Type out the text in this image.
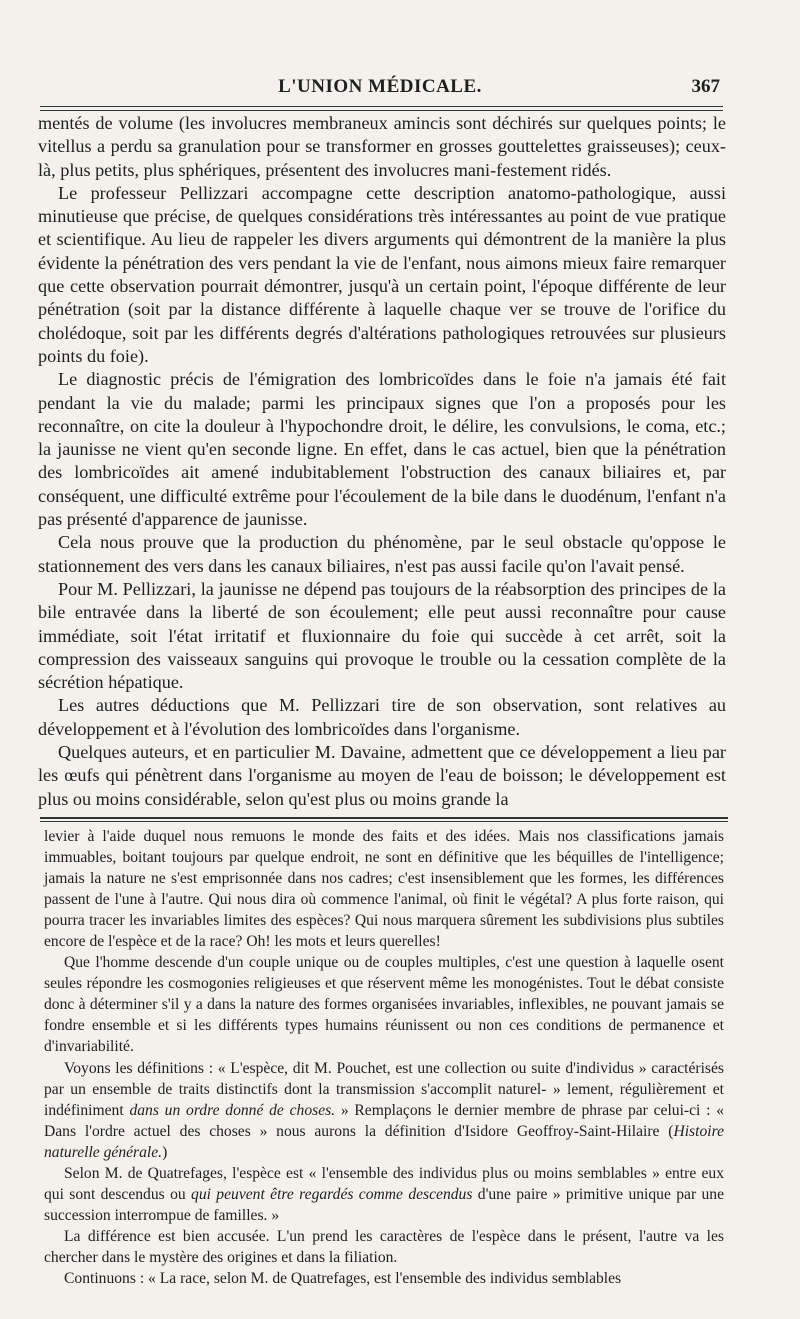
L'UNION MÉDICALE.	367

mentés de volume (les involucres membraneux amincis sont déchirés sur quelques points; le vitellus a perdu sa granulation pour se transformer en grosses gouttelettes graisseuses); ceux-là, plus petits, plus sphériques, présentent des involucres mani-festement ridés.

Le professeur Pellizzari accompagne cette description anatomo-pathologique, aussi minutieuse que précise, de quelques considérations très intéressantes au point de vue pratique et scientifique. Au lieu de rappeler les divers arguments qui démontrent de la manière la plus évidente la pénétration des vers pendant la vie de l'enfant, nous aimons mieux faire remarquer que cette observation pourrait démontrer, jusqu'à un certain point, l'époque différente de leur pénétration (soit par la distance différente à laquelle chaque ver se trouve de l'orifice du cholédoque, soit par les différents degrés d'altérations pathologiques retrouvées sur plusieurs points du foie).

Le diagnostic précis de l'émigration des lombricoïdes dans le foie n'a jamais été fait pendant la vie du malade; parmi les principaux signes que l'on a proposés pour les reconnaître, on cite la douleur à l'hypochondre droit, le délire, les convulsions, le coma, etc.; la jaunisse ne vient qu'en seconde ligne. En effet, dans le cas actuel, bien que la pénétration des lombricoïdes ait amené indubitablement l'obstruction des canaux biliaires et, par conséquent, une difficulté extrême pour l'écoulement de la bile dans le duodénum, l'enfant n'a pas présenté d'apparence de jaunisse.

Cela nous prouve que la production du phénomène, par le seul obstacle qu'oppose le stationnement des vers dans les canaux biliaires, n'est pas aussi facile qu'on l'avait pensé.

Pour M. Pellizzari, la jaunisse ne dépend pas toujours de la réabsorption des principes de la bile entravée dans la liberté de son écoulement; elle peut aussi reconnaître pour cause immédiate, soit l'état irritatif et fluxionnaire du foie qui succède à cet arrêt, soit la compression des vaisseaux sanguins qui provoque le trouble ou la cessation complète de la sécrétion hépatique.

Les autres déductions que M. Pellizzari tire de son observation, sont relatives au développement et à l'évolution des lombricoïdes dans l'organisme.

Quelques auteurs, et en particulier M. Davaine, admettent que ce développement a lieu par les œufs qui pénètrent dans l'organisme au moyen de l'eau de boisson; le développement est plus ou moins considérable, selon qu'est plus ou moins grande la

levier à l'aide duquel nous remuons le monde des faits et des idées. Mais nos classifications jamais immuables, boitant toujours par quelque endroit, ne sont en définitive que les béquilles de l'intelligence; jamais la nature ne s'est emprisonnée dans nos cadres; c'est insensiblement que les formes, les différences passent de l'une à l'autre. Qui nous dira où commence l'animal, où finit le végétal? A plus forte raison, qui pourra tracer les invariables limites des espèces? Qui nous marquera sûrement les subdivisions plus subtiles encore de l'espèce et de la race? Oh! les mots et leurs querelles!

Que l'homme descende d'un couple unique ou de couples multiples, c'est une question à laquelle osent seules répondre les cosmogonies religieuses et que réservent même les monogénistes. Tout le débat consiste donc à déterminer s'il y a dans la nature des formes organisées invariables, inflexibles, ne pouvant jamais se fondre ensemble et si les différents types humains réunissent ou non ces conditions de permanence et d'invariabilité.

Voyons les définitions : « L'espèce, dit M. Pouchet, est une collection ou suite d'individus » caractérisés par un ensemble de traits distinctifs dont la transmission s'accomplit naturel- » lement, régulièrement et indéfiniment dans un ordre donné de choses. » Remplaçons le dernier membre de phrase par celui-ci : « Dans l'ordre actuel des choses » nous aurons la définition d'Isidore Geoffroy-Saint-Hilaire (Histoire naturelle générale.)

Selon M. de Quatrefages, l'espèce est « l'ensemble des individus plus ou moins semblables » entre eux qui sont descendus ou qui peuvent être regardés comme descendus d'une paire » primitive unique par une succession interrompue de familles. »

La différence est bien accusée. L'un prend les caractères de l'espèce dans le présent, l'autre va les chercher dans le mystère des origines et dans la filiation.

Continuons : « La race, selon M. de Quatrefages, est l'ensemble des individus semblables
